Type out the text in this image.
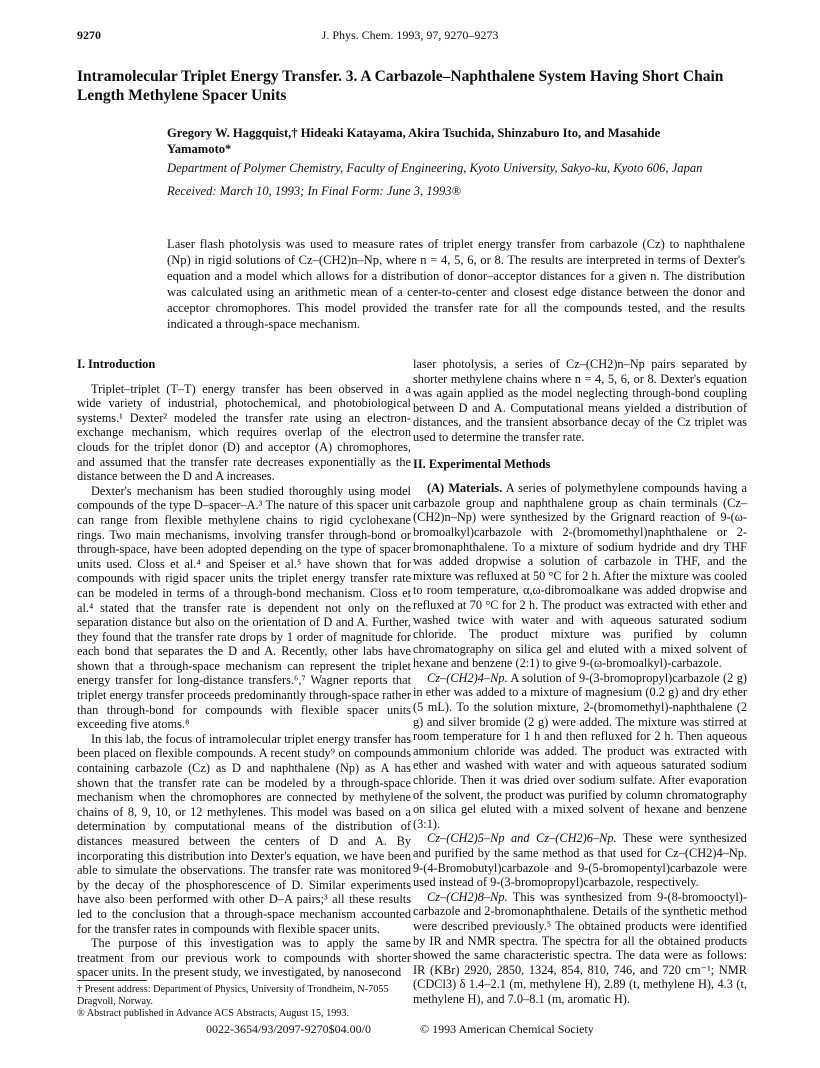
9270	J. Phys. Chem. 1993, 97, 9270–9273
Intramolecular Triplet Energy Transfer. 3. A Carbazole–Naphthalene System Having Short Chain Length Methylene Spacer Units
Gregory W. Haggquist,† Hideaki Katayama, Akira Tsuchida, Shinzaburo Ito, and Masahide Yamamoto*
Department of Polymer Chemistry, Faculty of Engineering, Kyoto University, Sakyo-ku, Kyoto 606, Japan
Received: March 10, 1993; In Final Form: June 3, 1993®
Laser flash photolysis was used to measure rates of triplet energy transfer from carbazole (Cz) to naphthalene (Np) in rigid solutions of Cz–(CH2)n–Np, where n = 4, 5, 6, or 8. The results are interpreted in terms of Dexter's equation and a model which allows for a distribution of donor–acceptor distances for a given n. The distribution was calculated using an arithmetic mean of a center-to-center and closest edge distance between the donor and acceptor chromophores. This model provided the transfer rate for all the compounds tested, and the results indicated a through-space mechanism.
I. Introduction

Triplet–triplet (T–T) energy transfer has been observed in a wide variety of industrial, photochemical, and photobiological systems.¹ Dexter² modeled the transfer rate using an electron-exchange mechanism, which requires overlap of the electron clouds for the triplet donor (D) and acceptor (A) chromophores, and assumed that the transfer rate decreases exponentially as the distance between the D and A increases.

Dexter's mechanism has been studied thoroughly using model compounds of the type D–spacer–A.³ The nature of this spacer unit can range from flexible methylene chains to rigid cyclohexane rings. Two main mechanisms, involving transfer through-bond or through-space, have been adopted depending on the type of spacer units used. Closs et al.⁴ and Speiser et al.⁵ have shown that for compounds with rigid spacer units the triplet energy transfer rate can be modeled in terms of a through-bond mechanism. Closs et al.⁴ stated that the transfer rate is dependent not only on the separation distance but also on the orientation of D and A. Further, they found that the transfer rate drops by 1 order of magnitude for each bond that separates the D and A. Recently, other labs have shown that a through-space mechanism can represent the triplet energy transfer for long-distance transfers.⁶,⁷ Wagner reports that triplet energy transfer proceeds predominantly through-space rather than through-bond for compounds with flexible spacer units exceeding five atoms.⁸

In this lab, the focus of intramolecular triplet energy transfer has been placed on flexible compounds. A recent study⁹ on compounds containing carbazole (Cz) as D and naphthalene (Np) as A has shown that the transfer rate can be modeled by a through-space mechanism when the chromophores are connected by methylene chains of 8, 9, 10, or 12 methylenes. This model was based on a determination by computational means of the distribution of distances measured between the centers of D and A. By incorporating this distribution into Dexter's equation, we have been able to simulate the observations. The transfer rate was monitored by the decay of the phosphorescence of D. Similar experiments have also been performed with other D–A pairs;³ all these results led to the conclusion that a through-space mechanism accounted for the transfer rates in compounds with flexible spacer units.

The purpose of this investigation was to apply the same treatment from our previous work to compounds with shorter spacer units. In the present study, we investigated, by nanosecond

laser photolysis, a series of Cz–(CH2)n–Np pairs separated by shorter methylene chains where n = 4, 5, 6, or 8. Dexter's equation was again applied as the model neglecting through-bond coupling between D and A. Computational means yielded a distribution of distances, and the transient absorbance decay of the Cz triplet was used to determine the transfer rate.

II. Experimental Methods

(A) Materials. A series of polymethylene compounds having a carbazole group and naphthalene group as chain terminals (Cz–(CH2)n–Np) were synthesized by the Grignard reaction of 9-(ω-bromoalkyl)carbazole with 2-(bromomethyl)naphthalene or 2-bromonaphthalene. To a mixture of sodium hydride and dry THF was added dropwise a solution of carbazole in THF, and the mixture was refluxed at 50 °C for 2 h. After the mixture was cooled to room temperature, α,ω-dibromoalkane was added dropwise and refluxed at 70 °C for 2 h. The product was extracted with ether and washed twice with water and with aqueous saturated sodium chloride. The product mixture was purified by column chromatography on silica gel and eluted with a mixed solvent of hexane and benzene (2:1) to give 9-(ω-bromoalkyl)-carbazole.

Cz–(CH2)4–Np. A solution of 9-(3-bromopropyl)carbazole (2 g) in ether was added to a mixture of magnesium (0.2 g) and dry ether (5 mL). To the solution mixture, 2-(bromomethyl)-naphthalene (2 g) and silver bromide (2 g) were added. The mixture was stirred at room temperature for 1 h and then refluxed for 2 h. Then aqueous ammonium chloride was added. The product was extracted with ether and washed with water and with aqueous saturated sodium chloride. Then it was dried over sodium sulfate. After evaporation of the solvent, the product was purified by column chromatography on silica gel eluted with a mixed solvent of hexane and benzene (3:1).

Cz–(CH2)5–Np and Cz–(CH2)6–Np. These were synthesized and purified by the same method as that used for Cz–(CH2)4–Np. 9-(4-Bromobutyl)carbazole and 9-(5-bromopentyl)carbazole were used instead of 9-(3-bromopropyl)carbazole, respectively.

Cz–(CH2)8–Np. This was synthesized from 9-(8-bromooctyl)-carbazole and 2-bromonaphthalene. Details of the synthetic method were described previously.⁵ The obtained products were identified by IR and NMR spectra. The spectra for all the obtained products showed the same characteristic spectra. The data were as follows: IR (KBr) 2920, 2850, 1324, 854, 810, 746, and 720 cm⁻¹; NMR (CDCl3) δ 1.4–2.1 (m, methylene H), 2.89 (t, methylene H), 4.3 (t, methylene H), and 7.0–8.1 (m, aromatic H).

† Present address: Department of Physics, University of Trondheim, N-7055 Dragvoll, Norway.
® Abstract published in Advance ACS Abstracts, August 15, 1993.
0022-3654/93/2097-9270$04.00/0	© 1993 American Chemical Society
